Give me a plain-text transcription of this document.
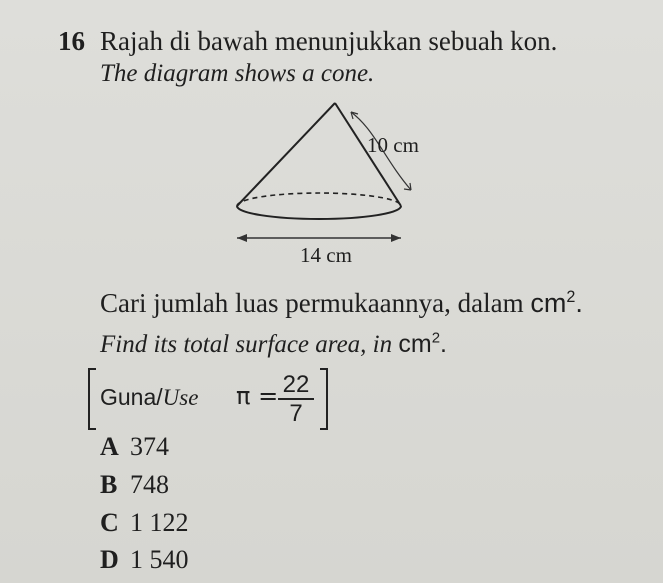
16 Rajah di bawah menunjukkan sebuah kon.
The diagram shows a cone.
10 cm
14 cm
Cari jumlah luas permukaannya, dalam $cm^2$.
Find its total surface area, in $cm^2$.
Guna/Use $\pi = \frac{22}{7}$
A 374
B 748
C 1 122
D 1 540
